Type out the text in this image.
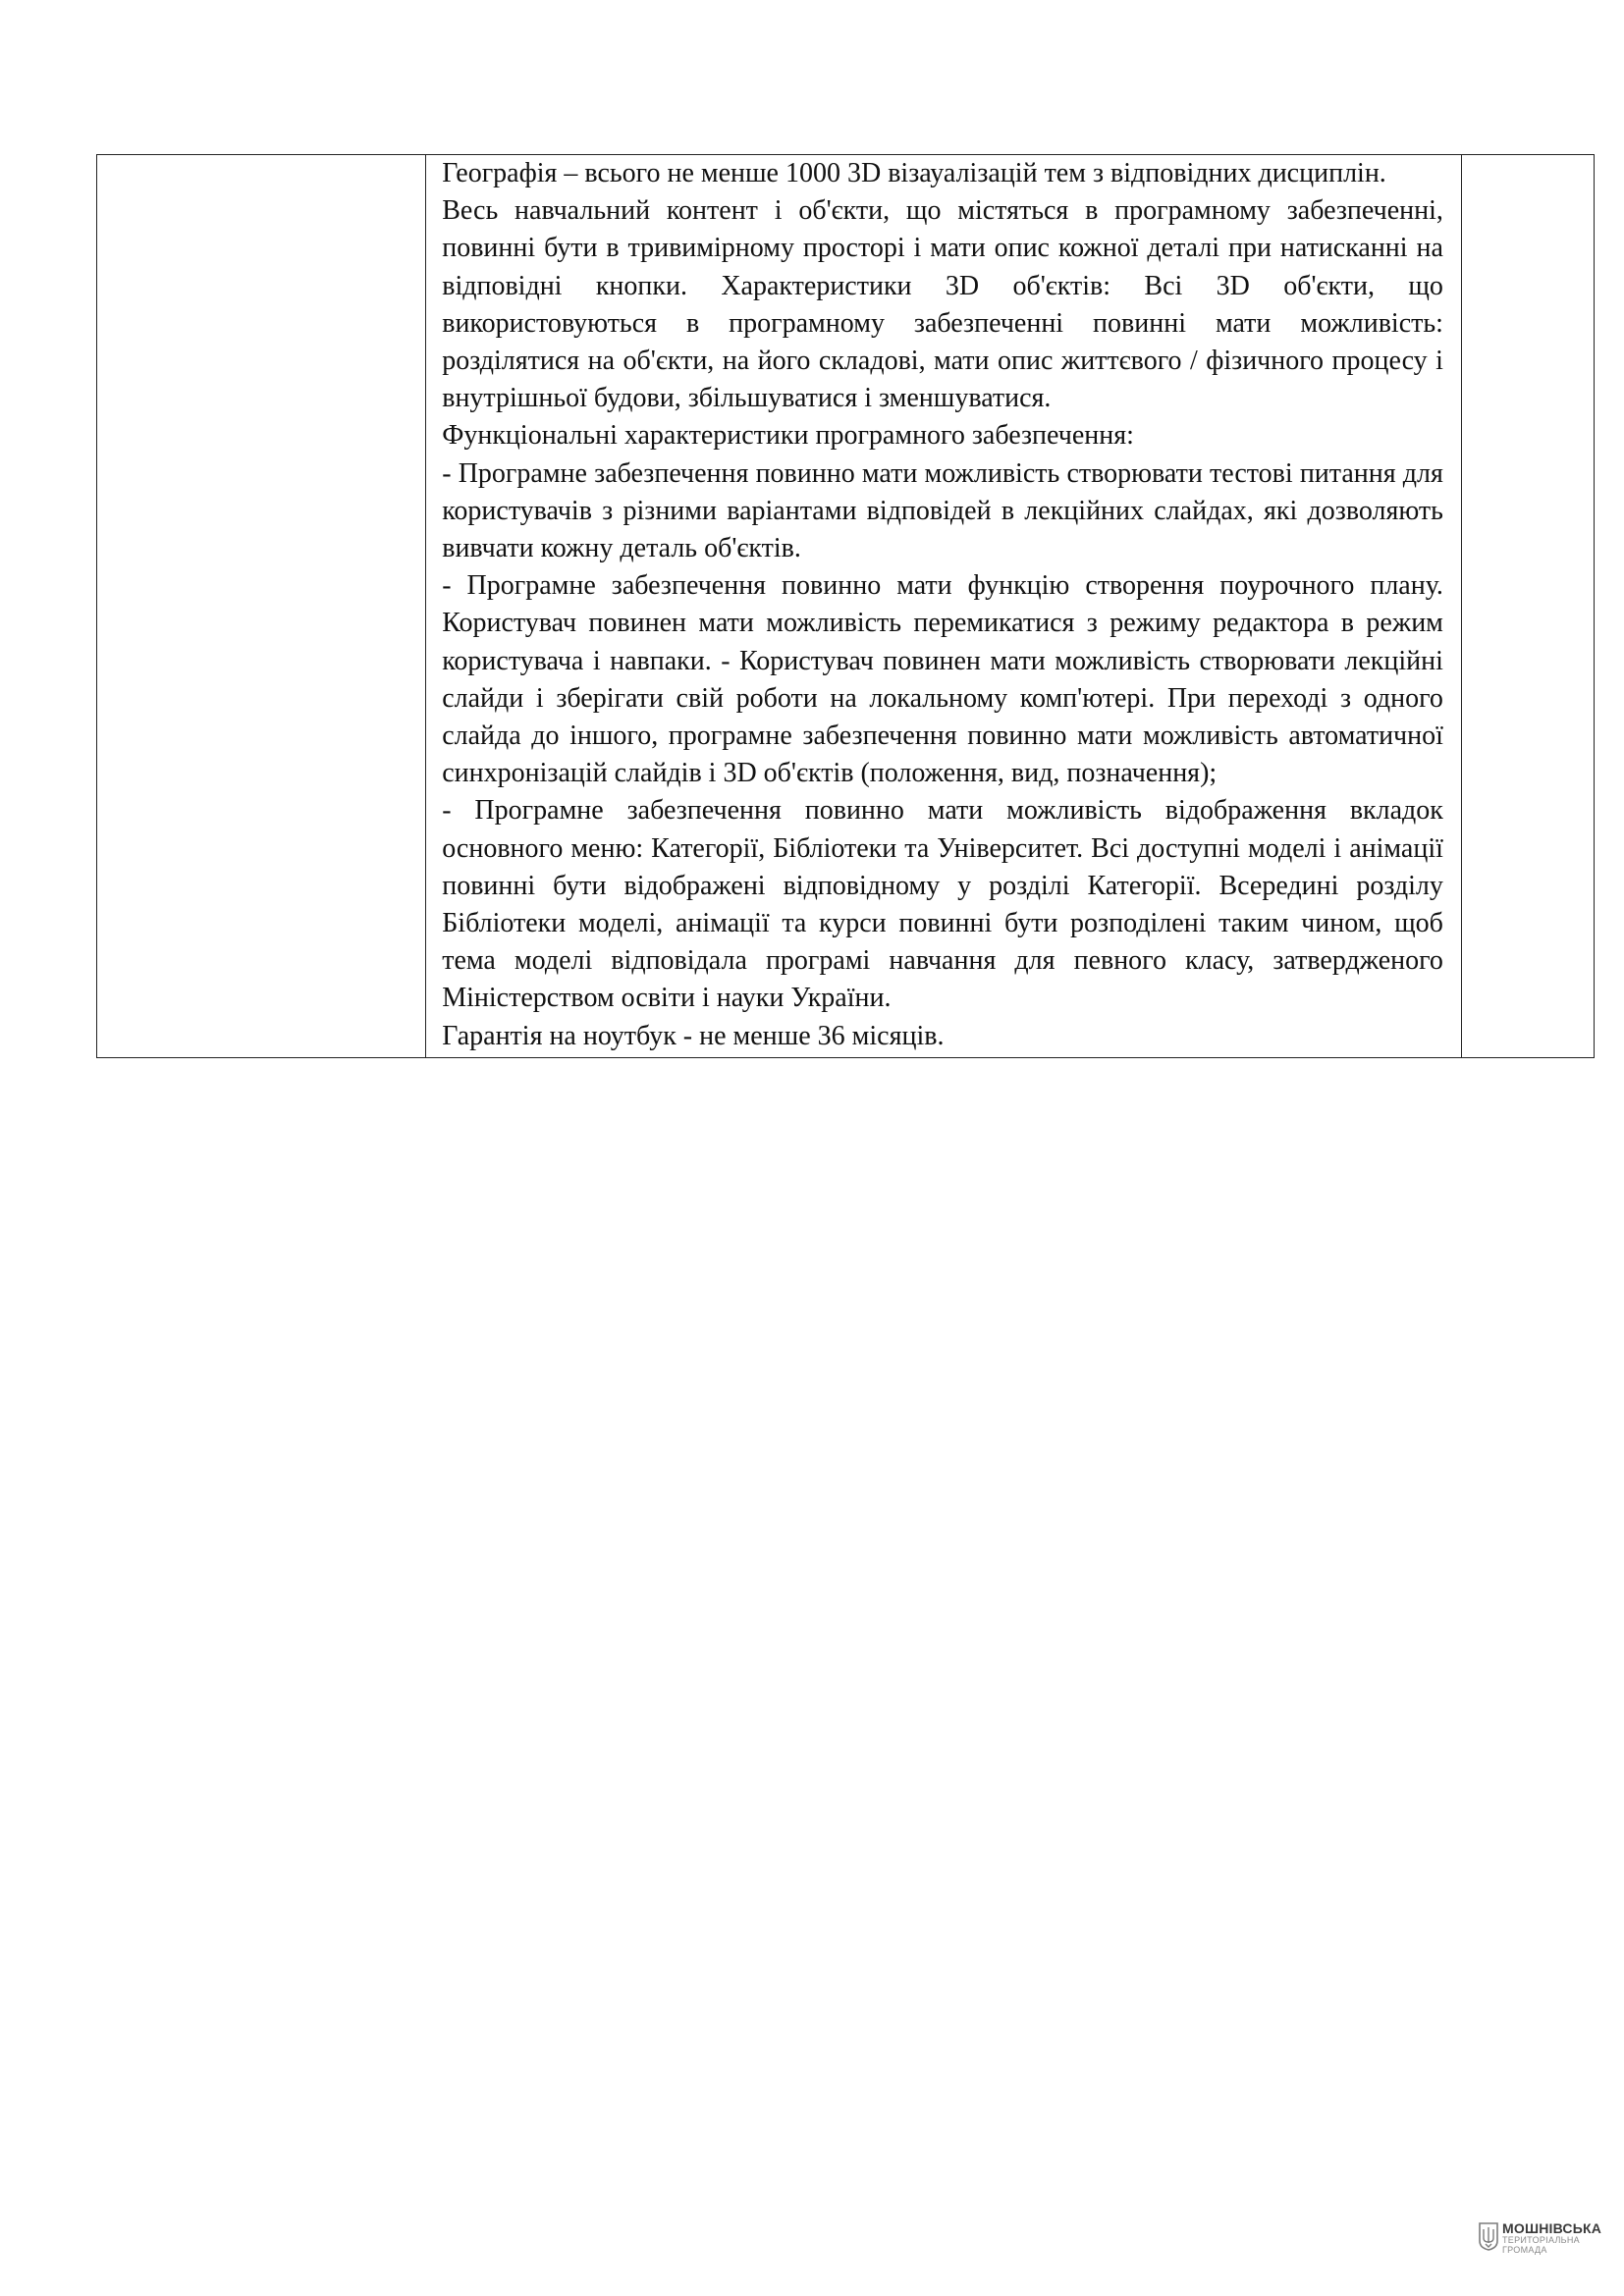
Географія – всього не менше 1000 3D візауалізацій тем з відповідних дисциплін.

Весь навчальний контент і об'єкти, що містяться в програмному забезпеченні, повинні бути в тривимірному просторі і мати опис кожної деталі при натисканні на відповідні кнопки. Характеристики 3D об'єктів: Всі 3D об'єкти, що використовуються в програмному забезпеченні повинні мати можливість: розділятися на об'єкти, на його складові, мати опис життєвого / фізичного процесу і внутрішньої будови, збільшуватися і зменшуватися.

Функціональні характеристики програмного забезпечення:

- Програмне забезпечення повинно мати можливість створювати тестові питання для користувачів з різними варіантами відповідей в лекційних слайдах, які дозволяють вивчати кожну деталь об'єктів.

- Програмне забезпечення повинно мати функцію створення поурочного плану. Користувач повинен мати можливість перемикатися з режиму редактора в режим користувача і навпаки. - Користувач повинен мати можливість створювати лекційні слайди і зберігати свій роботи на локальному комп'ютері. При переході з одного слайда до іншого, програмне забезпечення повинно мати можливість автоматичної синхронізацій слайдів і 3D об'єктів (положення, вид, позначення);

- Програмне забезпечення повинно мати можливість відображення вкладок основного меню: Категорії, Бібліотеки та Університет. Всі доступні моделі і анімації повинні бути відображені відповідному у розділі Категорії. Всередині розділу Бібліотеки моделі, анімації та курси повинні бути розподілені таким чином, щоб тема моделі відповідала програмі навчання для певного класу, затвердженого Міністерством освіти і науки України.

Гарантія на ноутбук - не менше 36 місяців.

МОШНІВСЬКА
ТЕРИТОРІАЛЬНА
ГРОМАДА
